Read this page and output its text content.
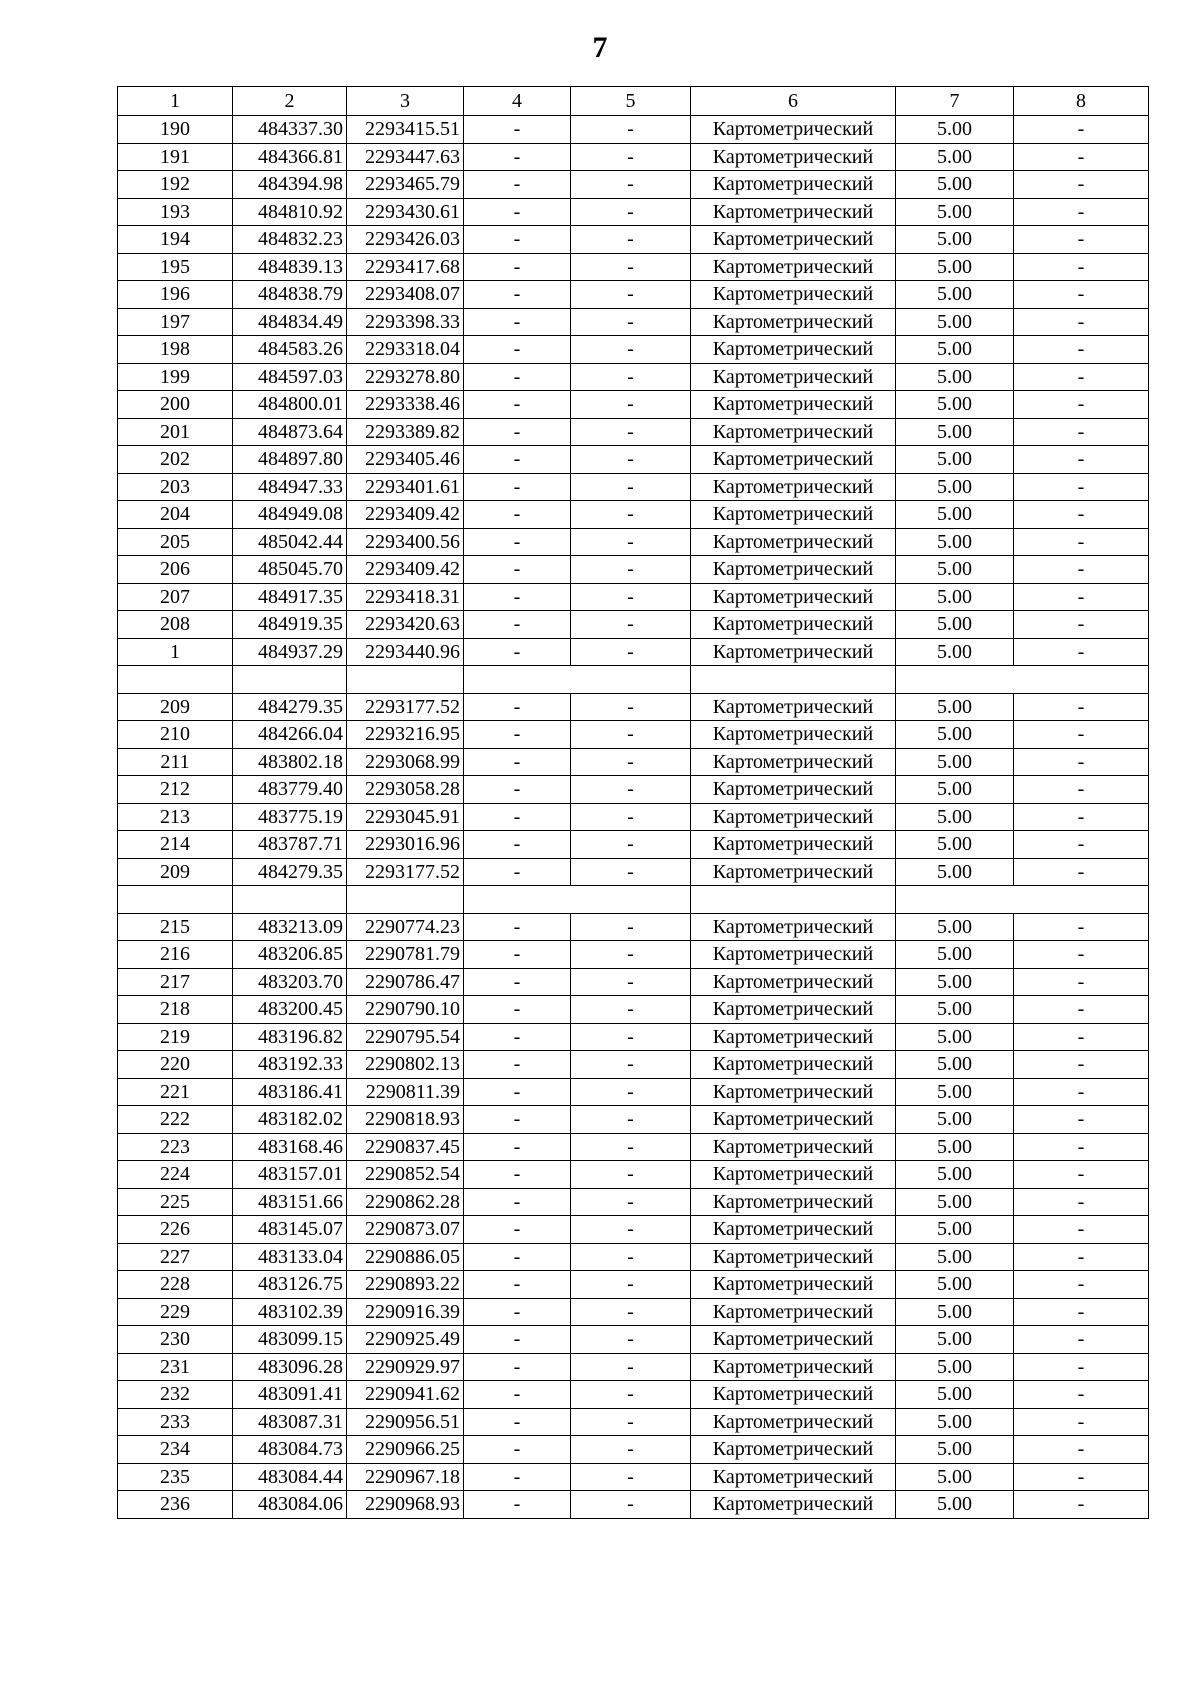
7
1	2	3	4	5	6	7	8
190	484337.30	2293415.51	-	-	Картометрический	5.00	-
191	484366.81	2293447.63	-	-	Картометрический	5.00	-
192	484394.98	2293465.79	-	-	Картометрический	5.00	-
193	484810.92	2293430.61	-	-	Картометрический	5.00	-
194	484832.23	2293426.03	-	-	Картометрический	5.00	-
195	484839.13	2293417.68	-	-	Картометрический	5.00	-
196	484838.79	2293408.07	-	-	Картометрический	5.00	-
197	484834.49	2293398.33	-	-	Картометрический	5.00	-
198	484583.26	2293318.04	-	-	Картометрический	5.00	-
199	484597.03	2293278.80	-	-	Картометрический	5.00	-
200	484800.01	2293338.46	-	-	Картометрический	5.00	-
201	484873.64	2293389.82	-	-	Картометрический	5.00	-
202	484897.80	2293405.46	-	-	Картометрический	5.00	-
203	484947.33	2293401.61	-	-	Картометрический	5.00	-
204	484949.08	2293409.42	-	-	Картометрический	5.00	-
205	485042.44	2293400.56	-	-	Картометрический	5.00	-
206	485045.70	2293409.42	-	-	Картометрический	5.00	-
207	484917.35	2293418.31	-	-	Картометрический	5.00	-
208	484919.35	2293420.63	-	-	Картометрический	5.00	-
1	484937.29	2293440.96	-	-	Картометрический	5.00	-

209	484279.35	2293177.52	-	-	Картометрический	5.00	-
210	484266.04	2293216.95	-	-	Картометрический	5.00	-
211	483802.18	2293068.99	-	-	Картометрический	5.00	-
212	483779.40	2293058.28	-	-	Картометрический	5.00	-
213	483775.19	2293045.91	-	-	Картометрический	5.00	-
214	483787.71	2293016.96	-	-	Картометрический	5.00	-
209	484279.35	2293177.52	-	-	Картометрический	5.00	-

215	483213.09	2290774.23	-	-	Картометрический	5.00	-
216	483206.85	2290781.79	-	-	Картометрический	5.00	-
217	483203.70	2290786.47	-	-	Картометрический	5.00	-
218	483200.45	2290790.10	-	-	Картометрический	5.00	-
219	483196.82	2290795.54	-	-	Картометрический	5.00	-
220	483192.33	2290802.13	-	-	Картометрический	5.00	-
221	483186.41	2290811.39	-	-	Картометрический	5.00	-
222	483182.02	2290818.93	-	-	Картометрический	5.00	-
223	483168.46	2290837.45	-	-	Картометрический	5.00	-
224	483157.01	2290852.54	-	-	Картометрический	5.00	-
225	483151.66	2290862.28	-	-	Картометрический	5.00	-
226	483145.07	2290873.07	-	-	Картометрический	5.00	-
227	483133.04	2290886.05	-	-	Картометрический	5.00	-
228	483126.75	2290893.22	-	-	Картометрический	5.00	-
229	483102.39	2290916.39	-	-	Картометрический	5.00	-
230	483099.15	2290925.49	-	-	Картометрический	5.00	-
231	483096.28	2290929.97	-	-	Картометрический	5.00	-
232	483091.41	2290941.62	-	-	Картометрический	5.00	-
233	483087.31	2290956.51	-	-	Картометрический	5.00	-
234	483084.73	2290966.25	-	-	Картометрический	5.00	-
235	483084.44	2290967.18	-	-	Картометрический	5.00	-
236	483084.06	2290968.93	-	-	Картометрический	5.00	-
